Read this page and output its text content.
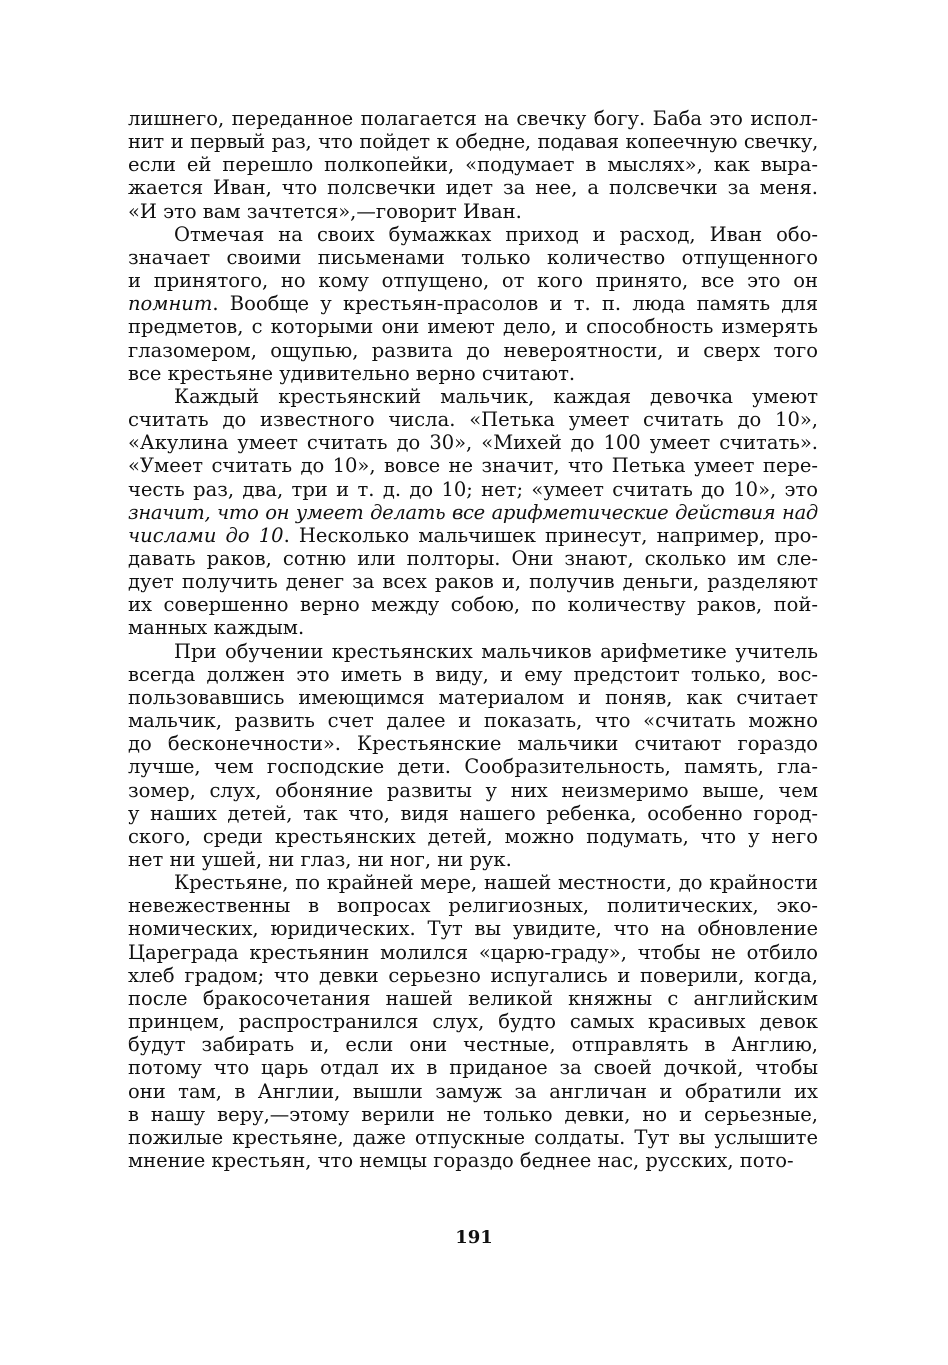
лишнего, переданное полагается на свечку богу. Баба это испол-
нит и первый раз, что пойдет к обедне, подавая копеечную свечку,
если ей перешло полкопейки, «подумает в мыслях», как выра-
жается Иван, что полсвечки идет за нее, а полсвечки за меня.
«И это вам зачтется»,—говорит Иван.
Отмечая на своих бумажках приход и расход, Иван обо-
значает своими письменами только количество отпущенного
и принятого, но кому отпущено, от кого принято, все это он
помнит. Вообще у крестьян-прасолов и т. п. люда память для
предметов, с которыми они имеют дело, и способность измерять
глазомером, ощупью, развита до невероятности, и сверх того
все крестьяне удивительно верно считают.
Каждый крестьянский мальчик, каждая девочка умеют
считать до известного числа. «Петька умеет считать до 10»,
«Акулина умеет считать до 30», «Михей до 100 умеет считать».
«Умеет считать до 10», вовсе не значит, что Петька умеет пере-
честь раз, два, три и т. д. до 10; нет; «умеет считать до 10», это
значит, что он умеет делать все арифметические действия над
числами до 10. Несколько мальчишек принесут, например, про-
давать раков, сотню или полторы. Они знают, сколько им сле-
дует получить денег за всех раков и, получив деньги, разделяют
их совершенно верно между собою, по количеству раков, пой-
манных каждым.
При обучении крестьянских мальчиков арифметике учитель
всегда должен это иметь в виду, и ему предстоит только, вос-
пользовавшись имеющимся материалом и поняв, как считает
мальчик, развить счет далее и показать, что «считать можно
до бесконечности». Крестьянские мальчики считают гораздо
лучше, чем господские дети. Сообразительность, память, гла-
зомер, слух, обоняние развиты у них неизмеримо выше, чем
у наших детей, так что, видя нашего ребенка, особенно город-
ского, среди крестьянских детей, можно подумать, что у него
нет ни ушей, ни глаз, ни ног, ни рук.
Крестьяне, по крайней мере, нашей местности, до крайности
невежественны в вопросах религиозных, политических, эко-
номических, юридических. Тут вы увидите, что на обновление
Цареграда крестьянин молился «царю-граду», чтобы не отбило
хлеб градом; что девки серьезно испугались и поверили, когда,
после бракосочетания нашей великой княжны с английским
принцем, распространился слух, будто самых красивых девок
будут забирать и, если они честные, отправлять в Англию,
потому что царь отдал их в приданое за своей дочкой, чтобы
они там, в Англии, вышли замуж за англичан и обратили их
в нашу веру,—этому верили не только девки, но и серьезные,
пожилые крестьяне, даже отпускные солдаты. Тут вы услышите
мнение крестьян, что немцы гораздо беднее нас, русских, пото-
191
